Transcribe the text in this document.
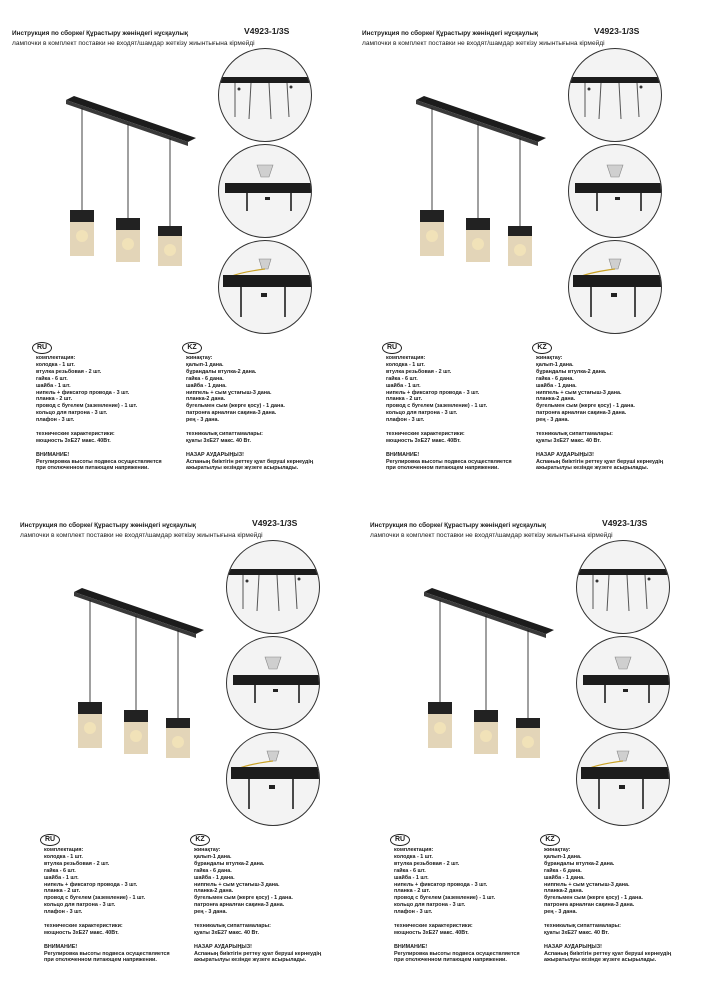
Инструкция по сборке/ Құрастыру жөніндегі нұсқаулық	V4923-1/3S
лампочки в комплект поставки не входят/шамдар жеткізу жиынтығына кірмейді
RU	KZ
комплектация:
колодка - 1 шт.
втулка резьбовая - 2 шт.
гайка - 6 шт.
шайба - 1 шт.
нипель + фиксатор провода - 3 шт.
планка - 2 шт.
провод с бугелем (заземление) - 1 шт.
кольцо для патрона - 3 шт.
плафон - 3 шт.
технические характеристики:
мощность 3хЕ27 макс. 40Вт.
ВНИМАНИЕ!
Регулировка высоты подвеса осуществляется
при отключенном питающем напряжении.
жинақтау:
қалып-1 дана.
бұрандалы втулка-2 дана.
гайка - 6 дана.
шайба - 1 дана.
ниппель + сым ұстағыш-3 дана.
планка-2 дана.
бугельмен сым (жерге қосу) - 1 дана.
патронға арналған сақина-3 дана.
рең - 3 дана.
техникалық сипаттамалары:
қуаты 3хЕ27 макс. 40 Вт.
НАЗАР АУДАРЫҢЫЗ!
Аспаның биіктігін реттеу қуат беруші кернеудің
ажыратылуы кезінде жүзеге асырылады.
Инструкция по сборке/ Құрастыру жөніндегі нұсқаулық	V4923-1/3S
лампочки в комплект поставки не входят/шамдар жеткізу жиынтығына кірмейді
RU	KZ
комплектация:
колодка - 1 шт.
втулка резьбовая - 2 шт.
гайка - 6 шт.
шайба - 1 шт.
нипель + фиксатор провода - 3 шт.
планка - 2 шт.
провод с бугелем (заземление) - 1 шт.
кольцо для патрона - 3 шт.
плафон - 3 шт.
технические характеристики:
мощность 3хЕ27 макс. 40Вт.
ВНИМАНИЕ!
Регулировка высоты подвеса осуществляется
при отключенном питающем напряжении.
жинақтау:
қалып-1 дана.
бұрандалы втулка-2 дана.
гайка - 6 дана.
шайба - 1 дана.
ниппель + сым ұстағыш-3 дана.
планка-2 дана.
бугельмен сым (жерге қосу) - 1 дана.
патронға арналған сақина-3 дана.
рең - 3 дана.
техникалық сипаттамалары:
қуаты 3хЕ27 макс. 40 Вт.
НАЗАР АУДАРЫҢЫЗ!
Аспаның биіктігін реттеу қуат беруші кернеудің
ажыратылуы кезінде жүзеге асырылады.
Инструкция по сборке/ Құрастыру жөніндегі нұсқаулық	V4923-1/3S
лампочки в комплект поставки не входят/шамдар жеткізу жиынтығына кірмейді
RU	KZ
комплектация:
колодка - 1 шт.
втулка резьбовая - 2 шт.
гайка - 6 шт.
шайба - 1 шт.
нипель + фиксатор провода - 3 шт.
планка - 2 шт.
провод с бугелем (заземление) - 1 шт.
кольцо для патрона - 3 шт.
плафон - 3 шт.
технические характеристики:
мощность 3хЕ27 макс. 40Вт.
ВНИМАНИЕ!
Регулировка высоты подвеса осуществляется
при отключенном питающем напряжении.
жинақтау:
қалып-1 дана.
бұрандалы втулка-2 дана.
гайка - 6 дана.
шайба - 1 дана.
ниппель + сым ұстағыш-3 дана.
планка-2 дана.
бугельмен сым (жерге қосу) - 1 дана.
патронға арналған сақина-3 дана.
рең - 3 дана.
техникалық сипаттамалары:
қуаты 3хЕ27 макс. 40 Вт.
НАЗАР АУДАРЫҢЫЗ!
Аспаның биіктігін реттеу қуат беруші кернеудің
ажыратылуы кезінде жүзеге асырылады.
Инструкция по сборке/ Құрастыру жөніндегі нұсқаулық	V4923-1/3S
лампочки в комплект поставки не входят/шамдар жеткізу жиынтығына кірмейді
RU	KZ
комплектация:
колодка - 1 шт.
втулка резьбовая - 2 шт.
гайка - 6 шт.
шайба - 1 шт.
нипель + фиксатор провода - 3 шт.
планка - 2 шт.
провод с бугелем (заземление) - 1 шт.
кольцо для патрона - 3 шт.
плафон - 3 шт.
технические характеристики:
мощность 3хЕ27 макс. 40Вт.
ВНИМАНИЕ!
Регулировка высоты подвеса осуществляется
при отключенном питающем напряжении.
жинақтау:
қалып-1 дана.
бұрандалы втулка-2 дана.
гайка - 6 дана.
шайба - 1 дана.
ниппель + сым ұстағыш-3 дана.
планка-2 дана.
бугельмен сым (жерге қосу) - 1 дана.
патронға арналған сақина-3 дана.
рең - 3 дана.
техникалық сипаттамалары:
қуаты 3хЕ27 макс. 40 Вт.
НАЗАР АУДАРЫҢЫЗ!
Аспаның биіктігін реттеу қуат беруші кернеудің
ажыратылуы кезінде жүзеге асырылады.
